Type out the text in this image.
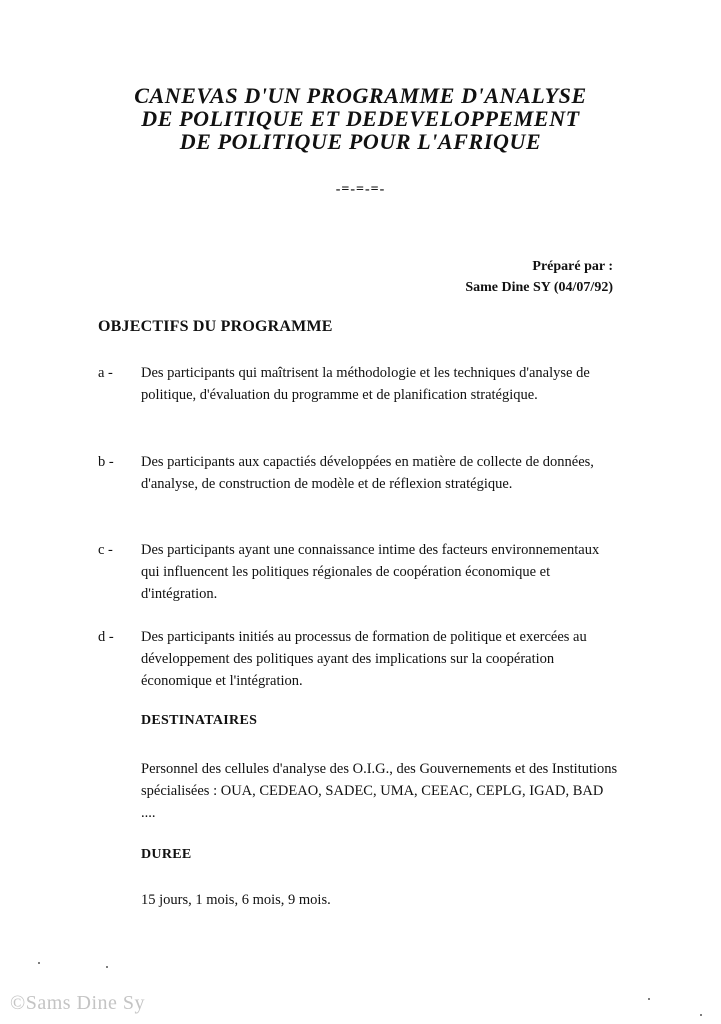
CANEVAS D'UN PROGRAMME D'ANALYSE
DE POLITIQUE ET DEDEVELOPPEMENT
DE POLITIQUE POUR L'AFRIQUE
-=-=-=-
Préparé par :
Same Dine SY (04/07/92)
OBJECTIFS DU PROGRAMME
a -	Des participants qui maîtrisent la méthodologie et les techniques d'analyse de politique, d'évaluation du programme et de planification stratégique.
b -	Des participants aux capactiés développées en matière de collecte de données, d'analyse, de construction de modèle et de réflexion stratégique.
c -	Des participants ayant une connaissance intime des facteurs environnementaux qui influencent les politiques régionales de coopération économique et d'intégration.
d -	Des participants initiés au processus de formation de politique et exercées au développement des politiques ayant des implications sur la coopération économique et l'intégration.
DESTINATAIRES
Personnel des cellules d'analyse des O.I.G., des Gouvernements et des Institutions spécialisées : OUA, CEDEAO, SADEC, UMA, CEEAC, CEPLG, IGAD, BAD ....
DUREE
15 jours, 1 mois, 6 mois, 9 mois.
©Sams Dine Sy
